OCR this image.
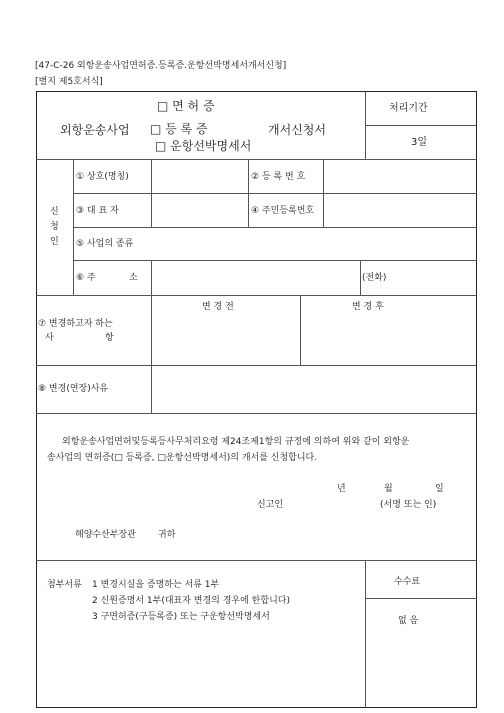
[47-C-26 외항운송사업면허증.등록증.운항선박명세서개서신청]
[별지 제5호서식]
□ 면 허 증
외항운송사업 □ 등 록 증	개서신청서
□ 운항선박명세서
처리기간
3일
신
청
인
① 상호(명칭)	② 등 록 번 호
③ 대 표 자	④ 주민등록번호
⑤ 사업의 종류
⑥ 주	소	(전화)
변 경 전	변 경 후
⑦ 변경하고자 하는
사	항
⑧ 변경(연장)사유
외항운송사업면허및등록등사무처리요령 제24조제1항의 규정에 의하여 위와 같이 외항운
송사업의 면허증(□ 등록증, □운항선박명세서)의 개서를 신청합니다.
년	월	일
신고인	(서명 또는 인)
해양수산부장관 귀하
첨부서류 1 변경시실을 증명하는 서류 1부
2 신원증명서 1부(대표자 변경의 경우에 한합니다)
3 구면허증(구등록증) 또는 구운항선박명세서
수수료
없 음
